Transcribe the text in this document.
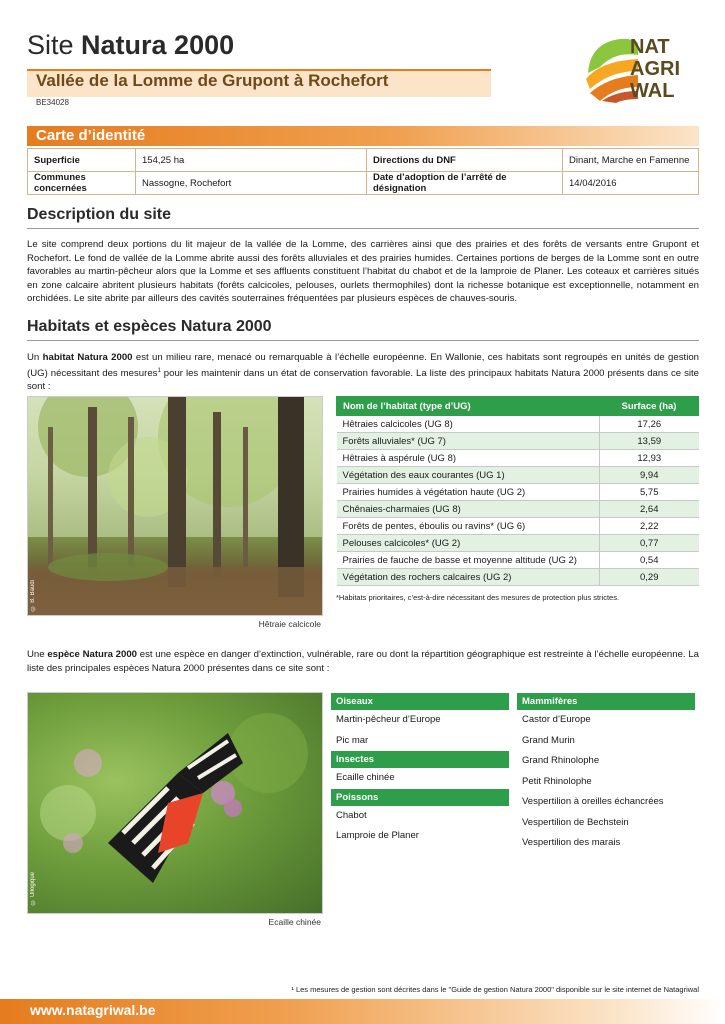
Site Natura 2000
Vallée de la Lomme de Grupont à Rochefort
BE34028
NAT
AGRI
WAL
Carte d’identité
Superficie	154,25 ha	Directions du DNF	Dinant, Marche en Famenne
Communes concernées	Nassogne, Rochefort	Date d’adoption de l’arrêté de désignation	14/04/2016
Description du site
Le site comprend deux portions du lit majeur de la vallée de la Lomme, des carrières ainsi que des prairies et des forêts de versants entre Grupont et Rochefort. Le fond de vallée de la Lomme abrite aussi des forêts alluviales et des prairies humides. Certaines portions de berges de la Lomme sont en outre favorables au martin-pêcheur alors que la Lomme et ses affluents constituent l’habitat du chabot et de la lamproie de Planer. Les coteaux et carrières situés en zone calcaire abritent plusieurs habitats (forêts calcicoles, pelouses, ourlets thermophiles) dont la richesse botanique est exceptionnelle, notamment en orchidées. Le site abrite par ailleurs des cavités souterraines fréquentées par plusieurs espèces de chauves-souris.
Habitats et espèces Natura 2000
Un habitat Natura 2000 est un milieu rare, menacé ou remarquable à l’échelle européenne. En Wallonie, ces habitats sont regroupés en unités de gestion (UG) nécessitant des mesures$^1$ pour les maintenir dans un état de conservation favorable. La liste des principaux habitats Natura 2000 présents dans ce site sont :
© B. Baudi
Hêtraie calcicole
Nom de l’habitat (type d’UG)	Surface (ha)
Hêtraies calcicoles (UG 8)	17,26
Forêts alluviales* (UG 7)	13,59
Hêtraies à aspérule (UG 8)	12,93
Végétation des eaux courantes (UG 1)	9,94
Prairies humides à végétation haute (UG 2)	5,75
Chênaies-charmaies (UG 8)	2,64
Forêts de pentes, éboulis ou ravins* (UG 6)	2,22
Pelouses calcicoles* (UG 2)	0,77
Prairies de fauche de basse et moyenne altitude (UG 2)	0,54
Végétation des rochers calcaires (UG 2)	0,29
*Habitats prioritaires, c’est-à-dire nécessitant des mesures de protection plus strictes.
Une espèce Natura 2000 est une espèce en danger d’extinction, vulnérable, rare ou dont la répartition géographique est restreinte à l’échelle européenne. La liste des principales espèces Natura 2000 présentes dans ce site sont :
© Ullogique
Ecaille chinée
Oiseaux
Martin-pêcheur d’Europe
Pic mar
Insectes
Ecaille chinée
Poissons
Chabot
Lamproie de Planer
Mammifères
Castor d’Europe
Grand Murin
Grand Rhinolophe
Petit Rhinolophe
Vespertilion à oreilles échancrées
Vespertilion de Bechstein
Vespertilion des marais
¹ Les mesures de gestion sont décrites dans le "Guide de gestion Natura 2000" disponible sur le site internet de Natagriwal
www.natagriwal.be
